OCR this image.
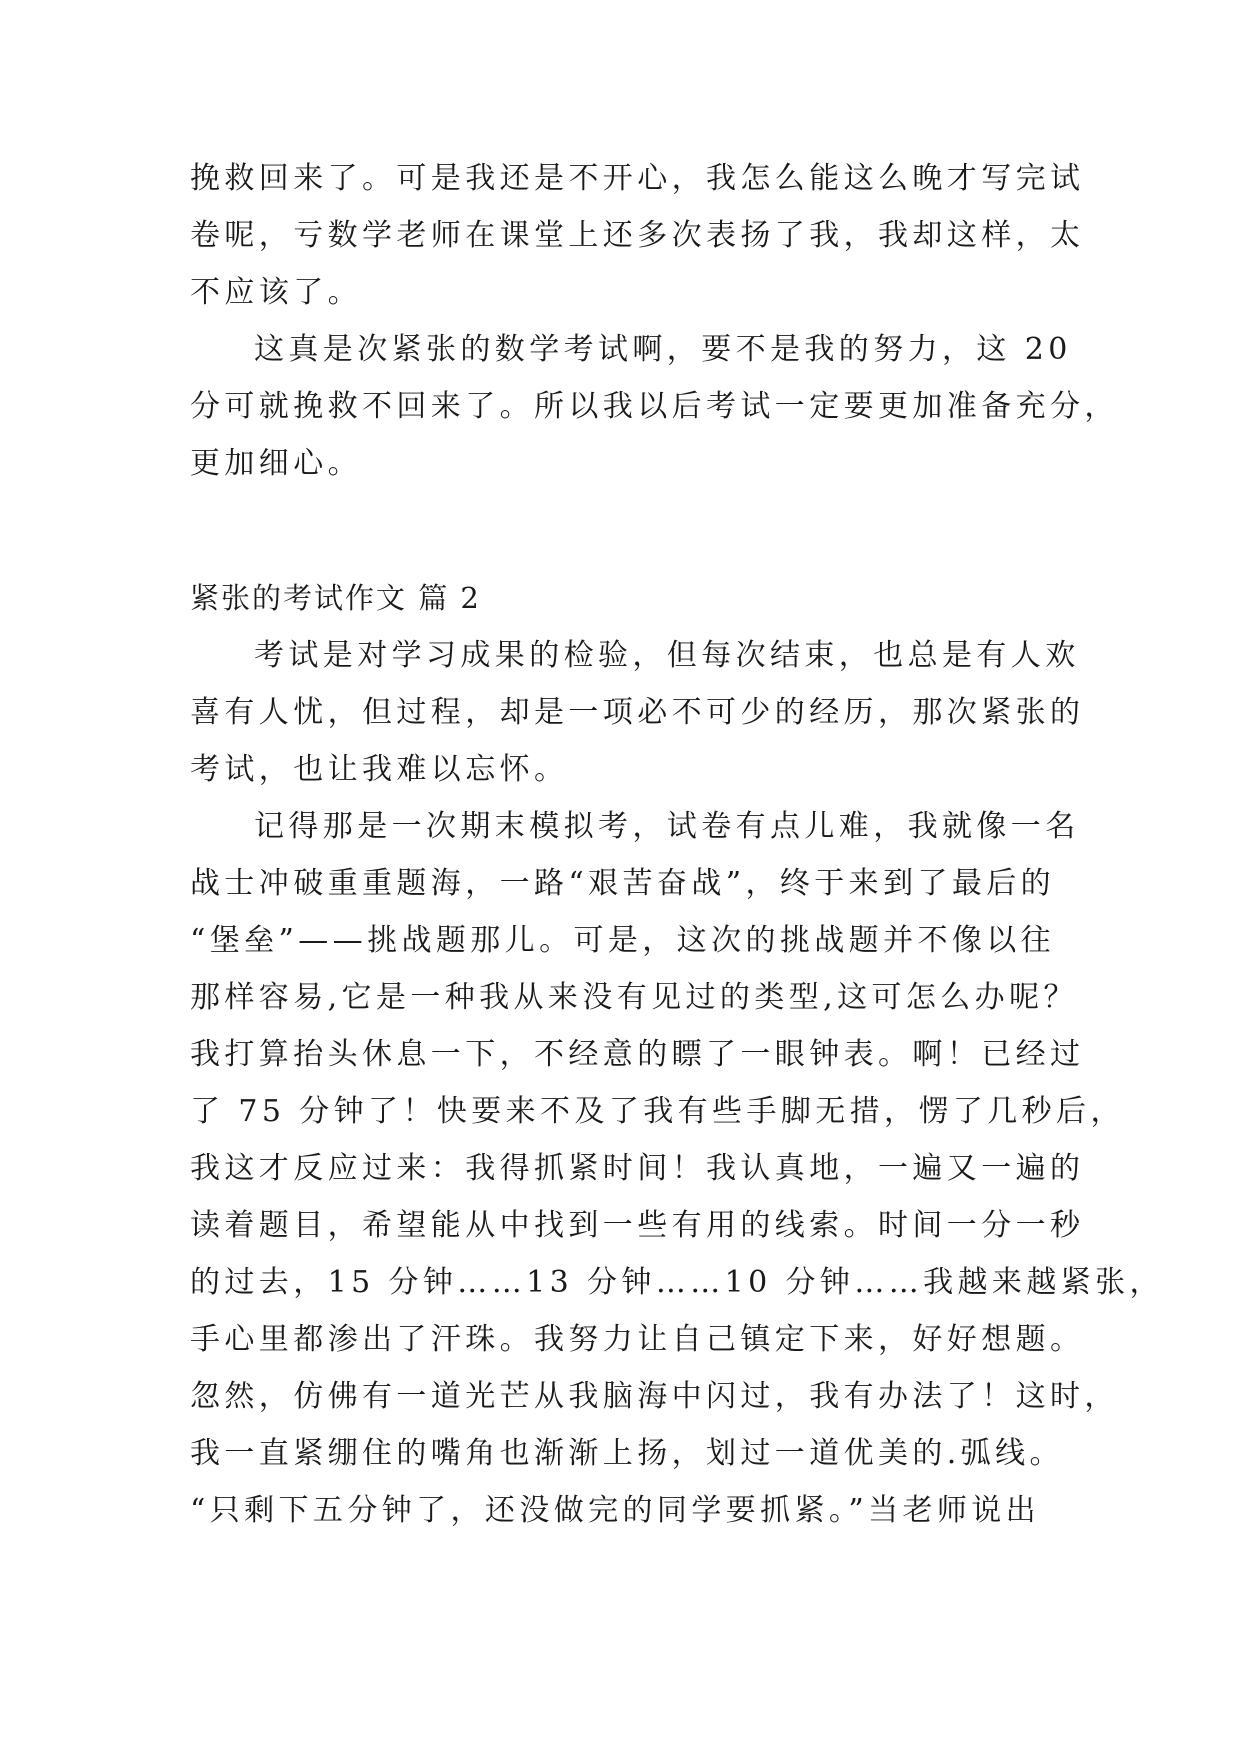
挽救回来了。可是我还是不开心，我怎么能这么晚才写完试
卷呢，亏数学老师在课堂上还多次表扬了我，我却这样，太
不应该了。
这真是次紧张的数学考试啊，要不是我的努力，这 20
分可就挽救不回来了。所以我以后考试一定要更加准备充分，
更加细心。
紧张的考试作文 篇 2
考试是对学习成果的检验，但每次结束，也总是有人欢
喜有人忧，但过程，却是一项必不可少的经历，那次紧张的
考试，也让我难以忘怀。
记得那是一次期末模拟考，试卷有点儿难，我就像一名
战士冲破重重题海，一路“艰苦奋战”，终于来到了最后的
“堡垒”——挑战题那儿。可是，这次的挑战题并不像以往
那样容易,它是一种我从来没有见过的类型,这可怎么办呢？
我打算抬头休息一下，不经意的瞟了一眼钟表。啊！已经过
了 75 分钟了！快要来不及了我有些手脚无措，愣了几秒后，
我这才反应过来：我得抓紧时间！我认真地，一遍又一遍的
读着题目，希望能从中找到一些有用的线索。时间一分一秒
的过去，15 分钟……13 分钟……10 分钟……我越来越紧张，
手心里都渗出了汗珠。我努力让自己镇定下来，好好想题。
忽然，仿佛有一道光芒从我脑海中闪过，我有办法了！这时，
我一直紧绷住的嘴角也渐渐上扬，划过一道优美的.弧线。
“只剩下五分钟了，还没做完的同学要抓紧。”当老师说出
